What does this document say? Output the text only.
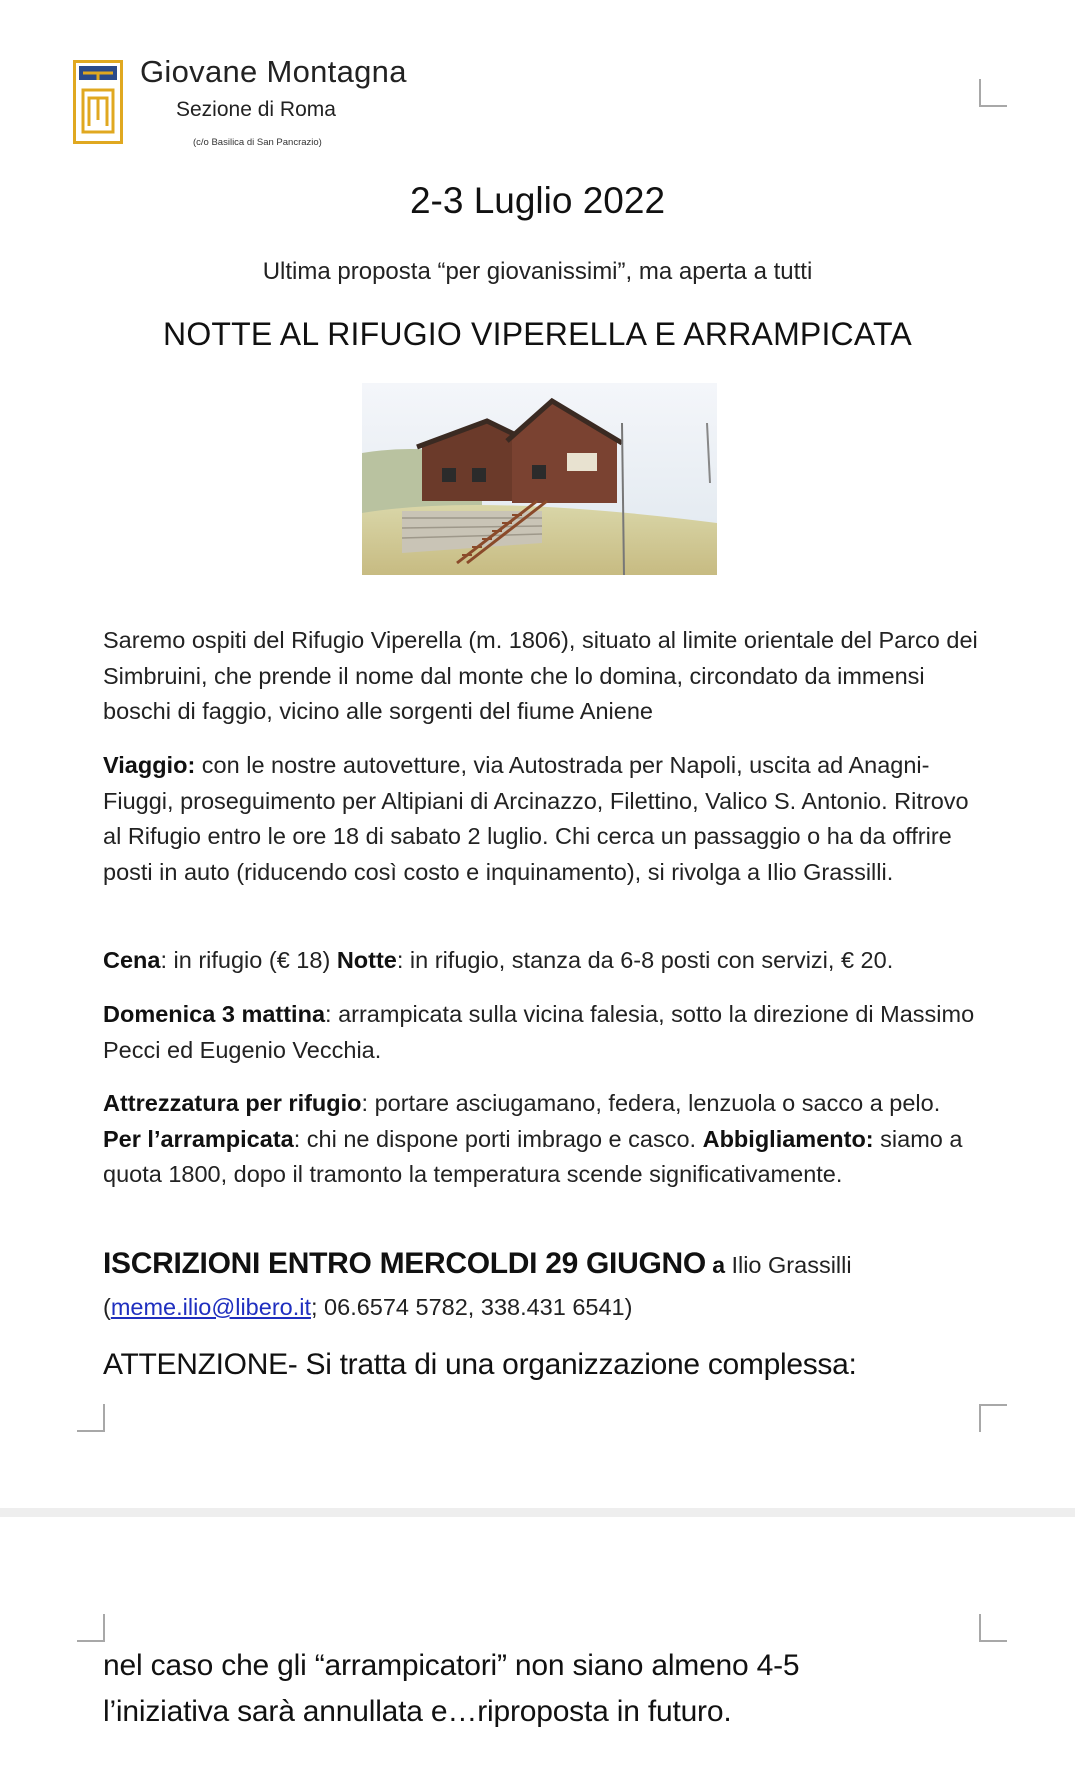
Giovane Montagna
Sezione di Roma
(c/o Basilica di San Pancrazio)
2-3 Luglio 2022
Ultima proposta “per giovanissimi”, ma aperta a tutti
NOTTE AL RIFUGIO VIPERELLA E ARRAMPICATA

Saremo ospiti del Rifugio Viperella (m. 1806), situato al limite orientale del Parco dei Simbruini, che prende il nome dal monte che lo domina, circondato da immensi boschi di faggio, vicino alle sorgenti del fiume Aniene

Viaggio: con le nostre autovetture, via Autostrada per Napoli, uscita ad Anagni-Fiuggi, proseguimento per Altipiani di Arcinazzo, Filettino, Valico S. Antonio. Ritrovo al Rifugio entro le ore 18 di sabato 2 luglio. Chi cerca un passaggio o ha da offrire posti in auto (riducendo così costo e inquinamento), si rivolga a Ilio Grassilli.

Cena: in rifugio (€ 18) Notte: in rifugio, stanza da 6-8 posti con servizi, € 20.

Domenica 3 mattina: arrampicata sulla vicina falesia, sotto la direzione di Massimo Pecci ed Eugenio Vecchia.

Attrezzatura per rifugio: portare asciugamano, federa, lenzuola o sacco a pelo. Per l’arrampicata: chi ne dispone porti imbrago e casco. Abbigliamento: siamo a quota 1800, dopo il tramonto la temperatura scende significativamente.

ISCRIZIONI ENTRO MERCOLDI 29 GIUGNO a Ilio Grassilli
(meme.ilio@libero.it; 06.6574 5782, 338.431 6541)
ATTENZIONE- Si tratta di una organizzazione complessa:
nel caso che gli “arrampicatori” non siano almeno 4-5
l’iniziativa sarà annullata e…riproposta in futuro.
